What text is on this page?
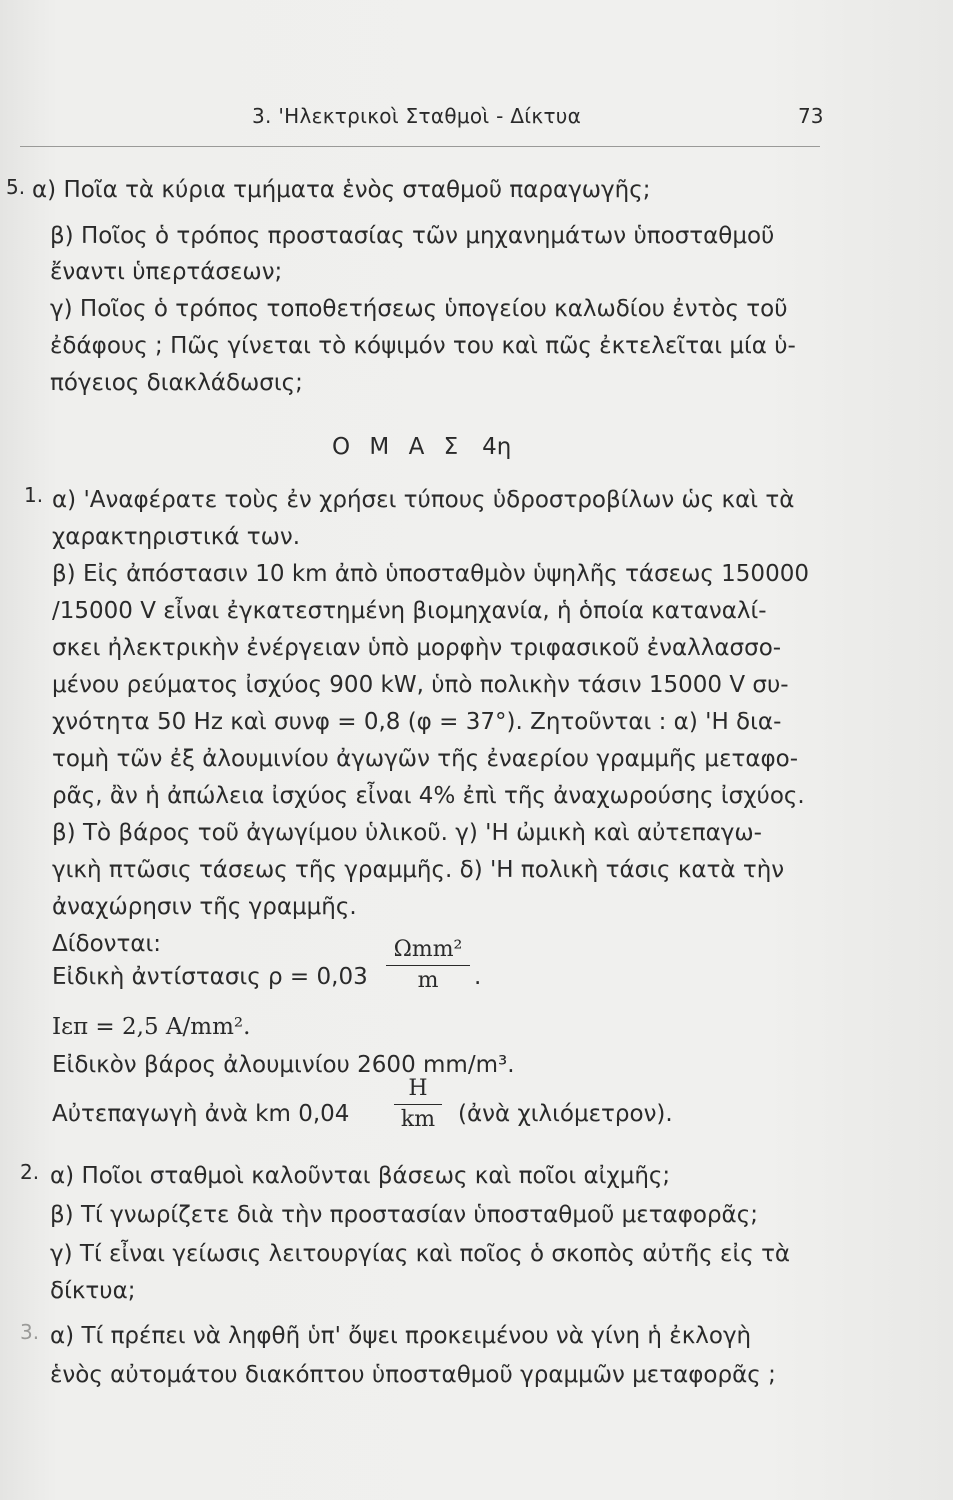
3. 'Ηλεκτρικοὶ Σταθμοὶ - Δίκτυα	73
5. α) Ποῖα τὰ κύρια τμήματα ἑνὸς σταθμοῦ παραγωγῆς;
β) Ποῖος ὁ τρόπος προστασίας τῶν μηχανημάτων ὑποσταθμοῦ
ἔναντι ὑπερτάσεων;
γ) Ποῖος ὁ τρόπος τοποθετήσεως ὑπογείου καλωδίου ἐντὸς τοῦ
ἐδάφους ; Πῶς γίνεται τὸ κόψιμόν του καὶ πῶς ἐκτελεῖται μία ὑ-
πόγειος διακλάδωσις;
Ο Μ Α Σ 4η
1. α) 'Αναφέρατε τοὺς ἐν χρήσει τύπους ὑδροστροβίλων ὡς καὶ τὰ
χαρακτηριστικά των.
β) Εἰς ἀπόστασιν 10 km ἀπὸ ὑποσταθμὸν ὑψηλῆς τάσεως 150000
/15000 V εἶναι ἐγκατεστημένη βιομηχανία, ἡ ὁποία καταναλί-
σκει ἠλεκτρικὴν ἐνέργειαν ὑπὸ μορφὴν τριφασικοῦ ἐναλλασσο-
μένου ρεύματος ἰσχύος 900 kW, ὑπὸ πολικὴν τάσιν 15000 V συ-
χνότητα 50 Hz καὶ συνφ = 0,8 (φ = 37°). Ζητοῦνται : α) 'Η δια-
τομὴ τῶν ἐξ ἀλουμινίου ἀγωγῶν τῆς ἐναερίου γραμμῆς μεταφο-
ρᾶς, ἂν ἡ ἀπώλεια ἰσχύος εἶναι 4% ἐπὶ τῆς ἀναχωρούσης ἰσχύος.
β) Τὸ βάρος τοῦ ἀγωγίμου ὑλικοῦ. γ) 'Η ὠμικὴ καὶ αὐτεπαγω-
γικὴ πτῶσις τάσεως τῆς γραμμῆς. δ) 'Η πολικὴ τάσις κατὰ τὴν
ἀναχώρησιν τῆς γραμμῆς.
Δίδονται:
Εἰδικὴ ἀντίστασις ρ = 0,03
Ωmm²
m	.
Iεπ = 2,5 A/mm².
Εἰδικὸν βάρος ἀλουμινίου 2600 mm/m³.
Αὐτεπαγωγὴ ἀνὰ km 0,04
H
km (ἀνὰ χιλιόμετρον).
2. α) Ποῖοι σταθμοὶ καλοῦνται βάσεως καὶ ποῖοι αἰχμῆς;
β) Τί γνωρίζετε διὰ τὴν προστασίαν ὑποσταθμοῦ μεταφορᾶς;
γ) Τί εἶναι γείωσις λειτουργίας καὶ ποῖος ὁ σκοπὸς αὐτῆς εἰς τὰ
δίκτυα;
3. α) Τί πρέπει νὰ ληφθῆ ὑπ' ὄψει προκειμένου νὰ γίνη ἡ ἐκλογὴ
ἑνὸς αὐτομάτου διακόπτου ὑποσταθμοῦ γραμμῶν μεταφορᾶς ;
